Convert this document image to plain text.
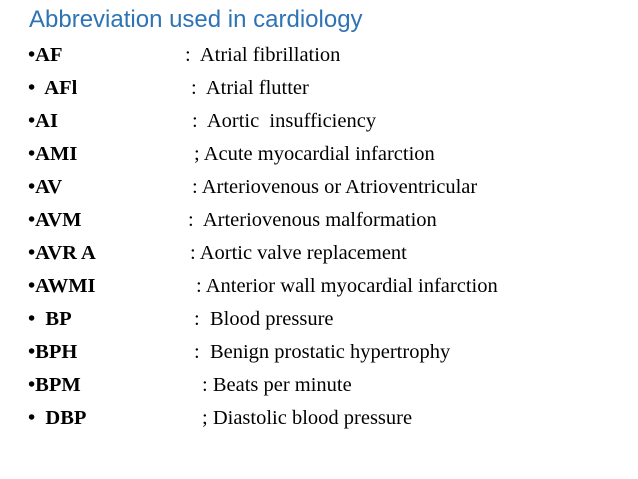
Abbreviation used in cardiology
•AF	:  Atrial fibrillation
•  AFl	:  Atrial flutter
•AI	:  Aortic  insufficiency
•AMI	; Acute myocardial infarction
•AV	: Arteriovenous or Atrioventricular
•AVM	:  Arteriovenous malformation
•AVR A	: Aortic valve replacement
•AWMI	: Anterior wall myocardial infarction
•  BP	:  Blood pressure
•BPH	:  Benign prostatic hypertrophy
•BPM	: Beats per minute
•  DBP	; Diastolic blood pressure
